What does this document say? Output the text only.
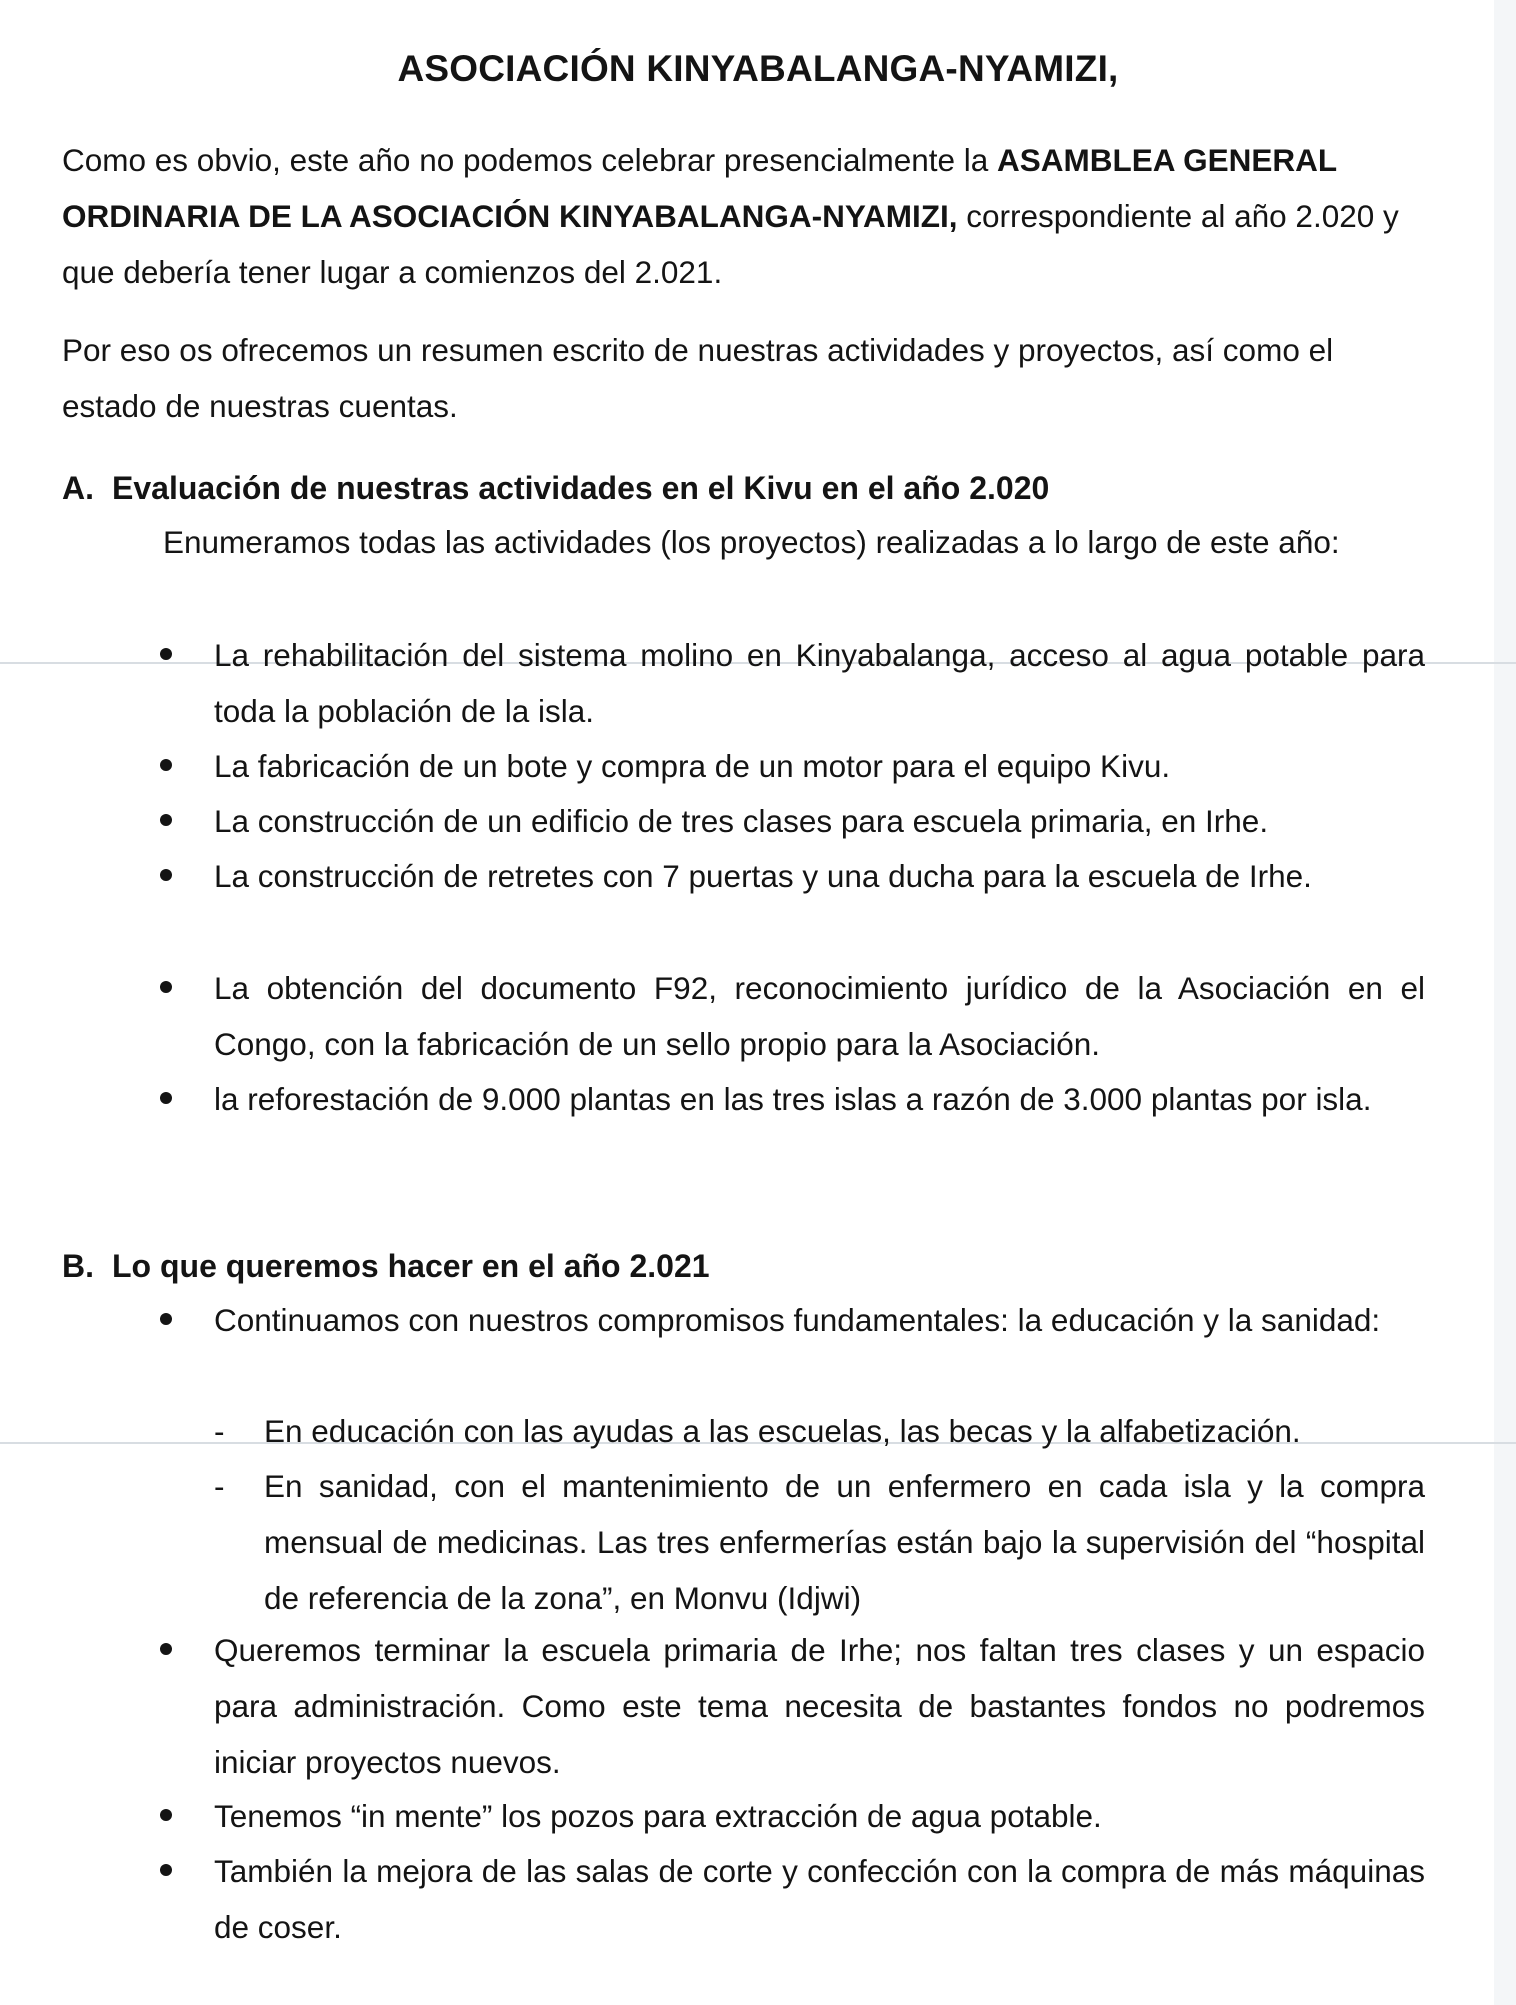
ASOCIACIÓN KINYABALANGA-NYAMIZI,
Como es obvio, este año no podemos celebrar presencialmente la ASAMBLEA GENERAL ORDINARIA DE LA ASOCIACIÓN KINYABALANGA-NYAMIZI, correspondiente al año 2.020 y que debería tener lugar a comienzos del 2.021.
Por eso os ofrecemos un resumen escrito de nuestras actividades y proyectos, así como el estado de nuestras cuentas.
A. Evaluación de nuestras actividades en el Kivu en el año 2.020
Enumeramos todas las actividades (los proyectos) realizadas a lo largo de este año:
La rehabilitación del sistema molino en Kinyabalanga, acceso al agua potable para toda la población de la isla.
La fabricación de un bote y compra de un motor para el equipo Kivu.
La construcción de un edificio de tres clases para escuela primaria, en Irhe.
La construcción de retretes con 7 puertas y una ducha para la escuela de Irhe.
La obtención del documento F92, reconocimiento jurídico de la Asociación en el Congo, con la fabricación de un sello propio para la Asociación.
la reforestación de 9.000 plantas en las tres islas a razón de 3.000 plantas por isla.
B. Lo que queremos hacer en el año 2.021
Continuamos con nuestros compromisos fundamentales: la educación y la sanidad:
- En educación con las ayudas a las escuelas, las becas y la alfabetización.
- En sanidad, con el mantenimiento de un enfermero en cada isla y la compra mensual de medicinas. Las tres enfermerías están bajo la supervisión del “hospital de referencia de la zona”, en Monvu (Idjwi)
Queremos terminar la escuela primaria de Irhe; nos faltan tres clases y un espacio para administración. Como este tema necesita de bastantes fondos no podremos iniciar proyectos nuevos.
Tenemos “in mente” los pozos para extracción de agua potable.
También la mejora de las salas de corte y confección con la compra de más máquinas de coser.
